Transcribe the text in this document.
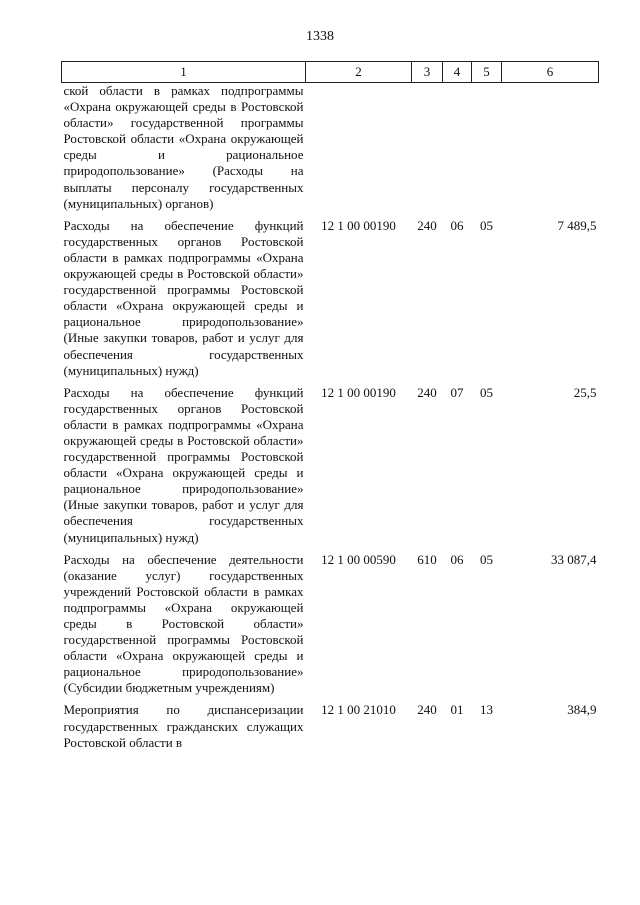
1338
1	2	3	4	5	6
ской области в рамках подпрограммы «Охрана окружающей среды в Ростовской области» государственной программы Ростовской области «Охрана окружающей среды и рациональное природопользование» (Расходы на выплаты персоналу государственных (муниципальных) органов)					
Расходы на обеспечение функций государственных органов Ростовской области в рамках подпрограммы «Охрана окружающей среды в Ростовской области» государственной программы Ростовской области «Охрана окружающей среды и рациональное природопользование» (Иные закупки товаров, работ и услуг для обеспечения государственных (муниципальных) нужд)	12 1 00 00190	240	06	05	7 489,5
Расходы на обеспечение функций государственных органов Ростовской области в рамках подпрограммы «Охрана окружающей среды в Ростовской области» государственной программы Ростовской области «Охрана окружающей среды и рациональное природопользование» (Иные закупки товаров, работ и услуг для обеспечения государственных (муниципальных) нужд)	12 1 00 00190	240	07	05	25,5
Расходы на обеспечение деятельности (оказание услуг) государственных учреждений Ростовской области в рамках подпрограммы «Охрана окружающей среды в Ростовской области» государственной программы Ростовской области «Охрана окружающей среды и рациональное природопользование» (Субсидии бюджетным учреждениям)	12 1 00 00590	610	06	05	33 087,4
Мероприятия по диспансеризации государственных гражданских служащих Ростовской области в	12 1 00 21010	240	01	13	384,9
